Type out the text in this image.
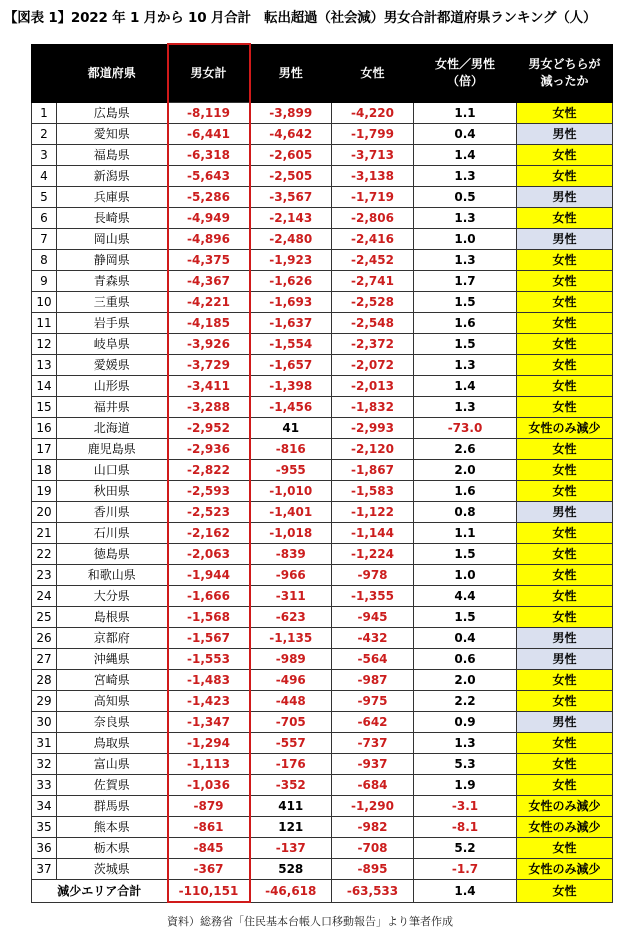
【図表 1】2022 年 1 月から 10 月合計　転出超過（社会減）男女合計都道府県ランキング（人）
	都道府県	男女計	男性	女性	女性／男性
（倍）	男女どちらが
減ったか
1	広島県	-8,119	-3,899	-4,220	1.1	女性
2	愛知県	-6,441	-4,642	-1,799	0.4	男性
3	福島県	-6,318	-2,605	-3,713	1.4	女性
4	新潟県	-5,643	-2,505	-3,138	1.3	女性
5	兵庫県	-5,286	-3,567	-1,719	0.5	男性
6	長崎県	-4,949	-2,143	-2,806	1.3	女性
7	岡山県	-4,896	-2,480	-2,416	1.0	男性
8	静岡県	-4,375	-1,923	-2,452	1.3	女性
9	青森県	-4,367	-1,626	-2,741	1.7	女性
10	三重県	-4,221	-1,693	-2,528	1.5	女性
11	岩手県	-4,185	-1,637	-2,548	1.6	女性
12	岐阜県	-3,926	-1,554	-2,372	1.5	女性
13	愛媛県	-3,729	-1,657	-2,072	1.3	女性
14	山形県	-3,411	-1,398	-2,013	1.4	女性
15	福井県	-3,288	-1,456	-1,832	1.3	女性
16	北海道	-2,952	41	-2,993	-73.0	女性のみ減少
17	鹿児島県	-2,936	-816	-2,120	2.6	女性
18	山口県	-2,822	-955	-1,867	2.0	女性
19	秋田県	-2,593	-1,010	-1,583	1.6	女性
20	香川県	-2,523	-1,401	-1,122	0.8	男性
21	石川県	-2,162	-1,018	-1,144	1.1	女性
22	徳島県	-2,063	-839	-1,224	1.5	女性
23	和歌山県	-1,944	-966	-978	1.0	女性
24	大分県	-1,666	-311	-1,355	4.4	女性
25	島根県	-1,568	-623	-945	1.5	女性
26	京都府	-1,567	-1,135	-432	0.4	男性
27	沖縄県	-1,553	-989	-564	0.6	男性
28	宮崎県	-1,483	-496	-987	2.0	女性
29	高知県	-1,423	-448	-975	2.2	女性
30	奈良県	-1,347	-705	-642	0.9	男性
31	鳥取県	-1,294	-557	-737	1.3	女性
32	富山県	-1,113	-176	-937	5.3	女性
33	佐賀県	-1,036	-352	-684	1.9	女性
34	群馬県	-879	411	-1,290	-3.1	女性のみ減少
35	熊本県	-861	121	-982	-8.1	女性のみ減少
36	栃木県	-845	-137	-708	5.2	女性
37	茨城県	-367	528	-895	-1.7	女性のみ減少
減少エリア合計		-110,151	-46,618	-63,533	1.4	女性
資料）総務省「住民基本台帳人口移動報告」より筆者作成
